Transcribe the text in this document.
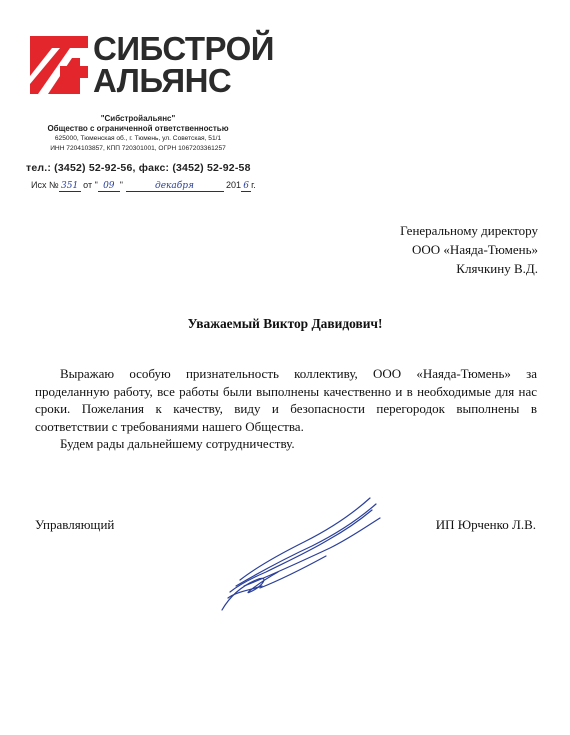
СИБСТРОЙ
АЛЬЯНС
"Сибстройальянс"
Общество с ограниченной ответственностью
625000, Тюменская об., г. Тюмень, ул. Советская, 51/1
ИНН 7204103857, КПП 720301001, ОГРН 1067203361257
тел.: (3452) 52-92-56, факс: (3452) 52-92-58
Исх № 351 от " 09 "	декабря	201 6 г.
Генеральному директору
ООО «Наяда-Тюмень»
Клячкину В.Д.
Уважаемый Виктор Давидович!

Выражаю особую признательность коллективу, ООО «Наяда-Тюмень» за проделанную работу, все работы были выполнены качественно и в необходимые для нас сроки. Пожелания к качеству, виду и безопасности перегородок выполнены в соответствии с требованиями нашего Общества.

Будем рады дальнейшему сотрудничеству.

Управляющий	ИП Юрченко Л.В.
